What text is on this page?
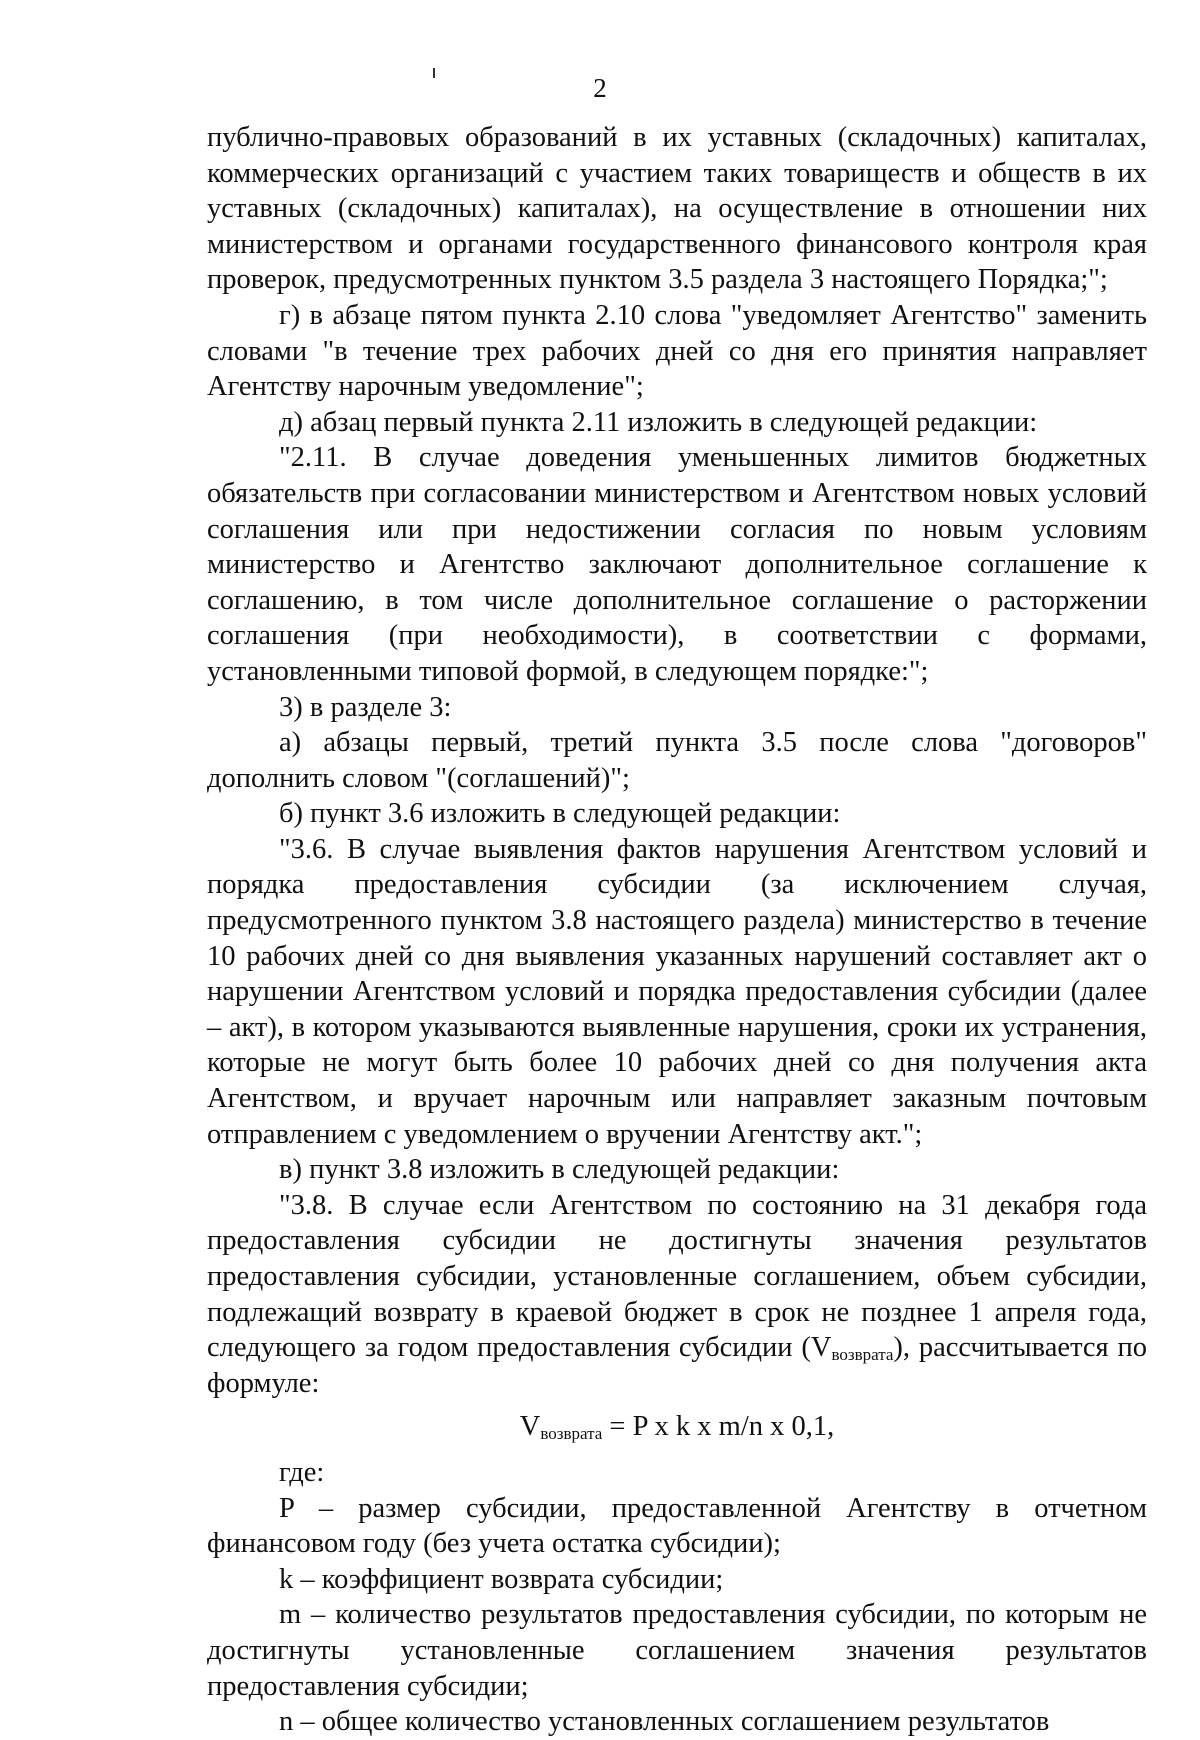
2

публично-правовых образований в их уставных (складочных) капиталах, коммерческих организаций с участием таких товариществ и обществ в их уставных (складочных) капиталах), на осуществление в отношении них министерством и органами государственного финансового контроля края проверок, предусмотренных пунктом 3.5 раздела 3 настоящего Порядка;";

г) в абзаце пятом пункта 2.10 слова "уведомляет Агентство" заменить словами "в течение трех рабочих дней со дня его принятия направляет Агентству нарочным уведомление";

д) абзац первый пункта 2.11 изложить в следующей редакции:

"2.11. В случае доведения уменьшенных лимитов бюджетных обязательств при согласовании министерством и Агентством новых условий соглашения или при недостижении согласия по новым условиям министерство и Агентство заключают дополнительное соглашение к соглашению, в том числе дополнительное соглашение о расторжении соглашения (при необходимости), в соответствии с формами, установленными типовой формой, в следующем порядке:";

3) в разделе 3:

а) абзацы первый, третий пункта 3.5 после слова "договоров" дополнить словом "(соглашений)";

б) пункт 3.6 изложить в следующей редакции:

"3.6. В случае выявления фактов нарушения Агентством условий и порядка предоставления субсидии (за исключением случая, предусмотренного пунктом 3.8 настоящего раздела) министерство в течение 10 рабочих дней со дня выявления указанных нарушений составляет акт о нарушении Агентством условий и порядка предоставления субсидии (далее – акт), в котором указываются выявленные нарушения, сроки их устранения, которые не могут быть более 10 рабочих дней со дня получения акта Агентством, и вручает нарочным или направляет заказным почтовым отправлением с уведомлением о вручении Агентству акт.";

в) пункт 3.8 изложить в следующей редакции:

"3.8. В случае если Агентством по состоянию на 31 декабря года предоставления субсидии не достигнуты значения результатов предоставления субсидии, установленные соглашением, объем субсидии, подлежащий возврату в краевой бюджет в срок не позднее 1 апреля года, следующего за годом предоставления субсидии $(V_{возврата})$, рассчитывается по формуле:

$V_{возврата} = P$ x k x m/n x 0,1,

где:

P – размер субсидии, предоставленной Агентству в отчетном финансовом году (без учета остатка субсидии);

k – коэффициент возврата субсидии;

m – количество результатов предоставления субсидии, по которым не достигнуты установленные соглашением значения результатов предоставления субсидии;

n – общее количество установленных соглашением результатов
